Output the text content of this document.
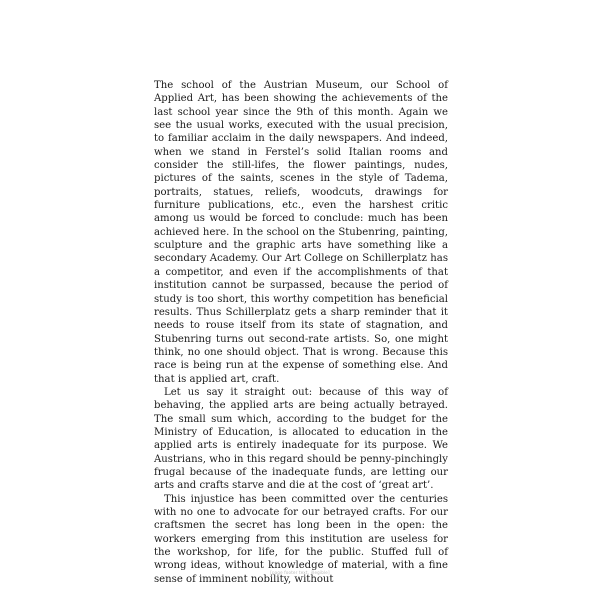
The school of the Austrian Museum, our School of Applied Art, has been showing the achievements of the last school year since the 9th of this month. Again we see the usual works, executed with the usual precision, to familiar acclaim in the daily newspapers. And indeed, when we stand in Ferstel’s solid Italian rooms and consider the still-lifes, the flower paintings, nudes, pictures of the saints, scenes in the style of Tadema, portraits, statues, reliefs, woodcuts, drawings for furniture publications, etc., even the harshest critic among us would be forced to conclude: much has been achieved here. In the school on the Stubenring, painting, sculpture and the graphic arts have something like a secondary Academy. Our Art College on Schillerplatz has a competitor, and even if the accomplishments of that institution cannot be surpassed, because the period of study is too short, this worthy competition has beneficial results. Thus Schillerplatz gets a sharp reminder that it needs to rouse itself from its state of stagnation, and Stubenring turns out second-rate artists. So, one might think, no one should object. That is wrong. Because this race is being run at the expense of something else. And that is applied art, craft.

Let us say it straight out: because of this way of behaving, the applied arts are being actually betrayed. The small sum which, according to the budget for the Ministry of Education, is allocated to education in the applied arts is entirely inadequate for its purpose. We Austrians, who in this regard should be penny-pinchingly frugal because of the inadequate funds, are letting our arts and crafts starve and die at the cost of ‘great art’.

This injustice has been committed over the centuries with no one to advocate for our betrayed crafts. For our craftsmen the secret has long been in the open: the workers emerging from this institution are useless for the workshop, for life, for the public. Stuffed full of wrong ideas, without knowledge of material, with a fine sense of imminent nobility, without

[page footer text, illegible]
